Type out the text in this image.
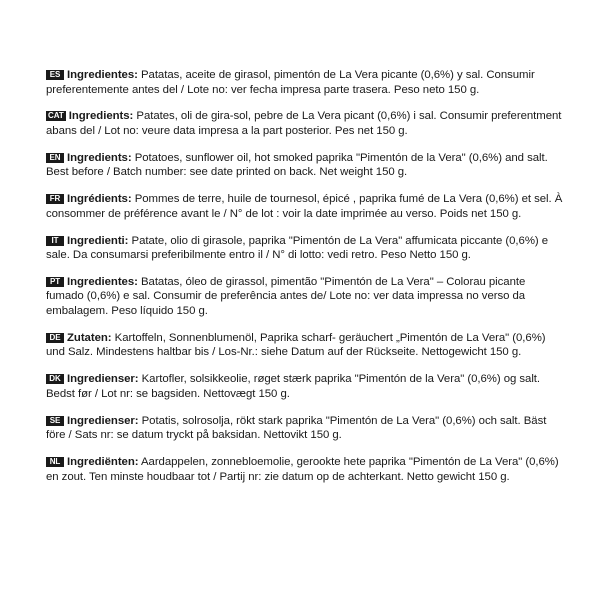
ES Ingredientes: Patatas, aceite de girasol, pimentón de La Vera picante (0,6%) y sal. Consumir preferentemente antes del / Lote no: ver fecha impresa parte trasera. Peso neto 150 g.
CAT Ingredients: Patates, oli de gira-sol, pebre de La Vera picant (0,6%) i sal. Consumir preferentment abans del / Lot no: veure data impresa a la part posterior. Pes net 150 g.
EN Ingredients: Potatoes, sunflower oil, hot smoked paprika "Pimentón de la Vera" (0,6%) and salt. Best before / Batch number: see date printed on back. Net weight 150 g.
FR Ingrédients: Pommes de terre, huile de tournesol, épicé , paprika fumé de La Vera (0,6%) et sel. À consommer de préférence avant le / N° de lot : voir la date imprimée au verso. Poids net 150 g.
IT Ingredienti: Patate, olio di girasole, paprika "Pimentón de La Vera" affumicata piccante (0,6%) e sale. Da consumarsi preferibilmente entro il / N° di lotto: vedi retro. Peso Netto 150 g.
PT Ingredientes: Batatas, óleo de girassol, pimentão "Pimentón de La Vera" – Colorau picante fumado (0,6%) e sal. Consumir de preferência antes de/ Lote no: ver data impressa no verso da embalagem. Peso líquido 150 g.
DE Zutaten: Kartoffeln, Sonnenblumenöl, Paprika scharf- geräuchert „Pimentón de La Vera" (0,6%) und Salz. Mindestens haltbar bis / Los-Nr.: siehe Datum auf der Rückseite. Nettogewicht 150 g.
DK Ingredienser: Kartofler, solsikkeolie, røget stærk paprika "Pimentón de la Vera" (0,6%) og salt. Bedst før / Lot nr: se bagsiden. Nettovægt 150 g.
SE Ingredienser: Potatis, solrosolja, rökt stark paprika "Pimentón de La Vera" (0,6%) och salt. Bäst före / Sats nr: se datum tryckt på baksidan. Nettovikt 150 g.
NL Ingrediënten: Aardappelen, zonnebloemolie, gerookte hete paprika "Pimentón de La Vera" (0,6%) en zout. Ten minste houdbaar tot / Partij nr: zie datum op de achterkant. Netto gewicht 150 g.
